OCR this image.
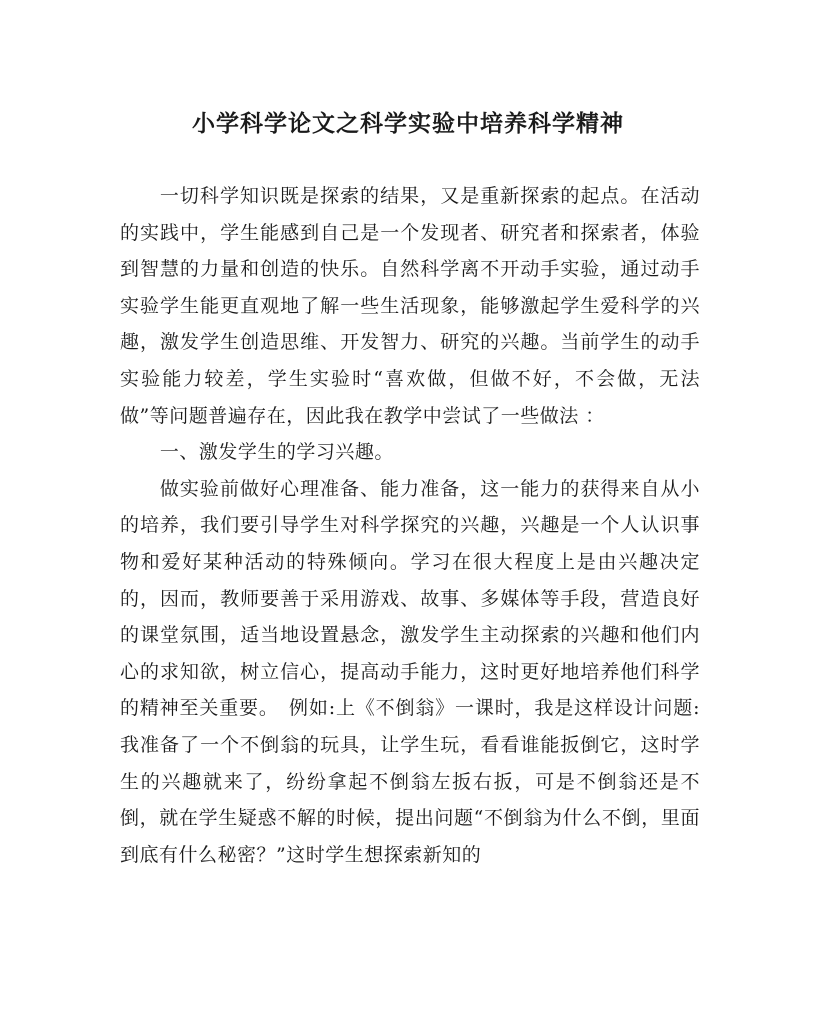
小学科学论文之科学实验中培养科学精神

一切科学知识既是探索的结果，又是重新探索的起点。在活动的实践中，学生能感到自己是一个发现者、研究者和探索者，体验到智慧的力量和创造的快乐。自然科学离不开动手实验，通过动手实验学生能更直观地了解一些生活现象，能够激起学生爱科学的兴趣，激发学生创造思维、开发智力、研究的兴趣。当前学生的动手实验能力较差，学生实验时“喜欢做，但做不好，不会做，无法做”等问题普遍存在，因此我在教学中尝试了一些做法 ：

一、激发学生的学习兴趣。

做实验前做好心理准备、能力准备，这一能力的获得来自从小的培养，我们要引导学生对科学探究的兴趣，兴趣是一个人认识事物和爱好某种活动的特殊倾向。学习在很大程度上是由兴趣决定的，因而，教师要善于采用游戏、故事、多媒体等手段，营造良好的课堂氛围，适当地设置悬念，激发学生主动探索的兴趣和他们内心的求知欲，树立信心，提高动手能力，这时更好地培养他们科学的精神至关重要。　例如:上《不倒翁》一课时，我是这样设计问题: 我准备了一个不倒翁的玩具，让学生玩，看看谁能扳倒它，这时学生的兴趣就来了，纷纷拿起不倒翁左扳右扳，可是不倒翁还是不倒，就在学生疑惑不解的时候，提出问题“不倒翁为什么不倒，里面到底有什么秘密？”这时学生想探索新知的
